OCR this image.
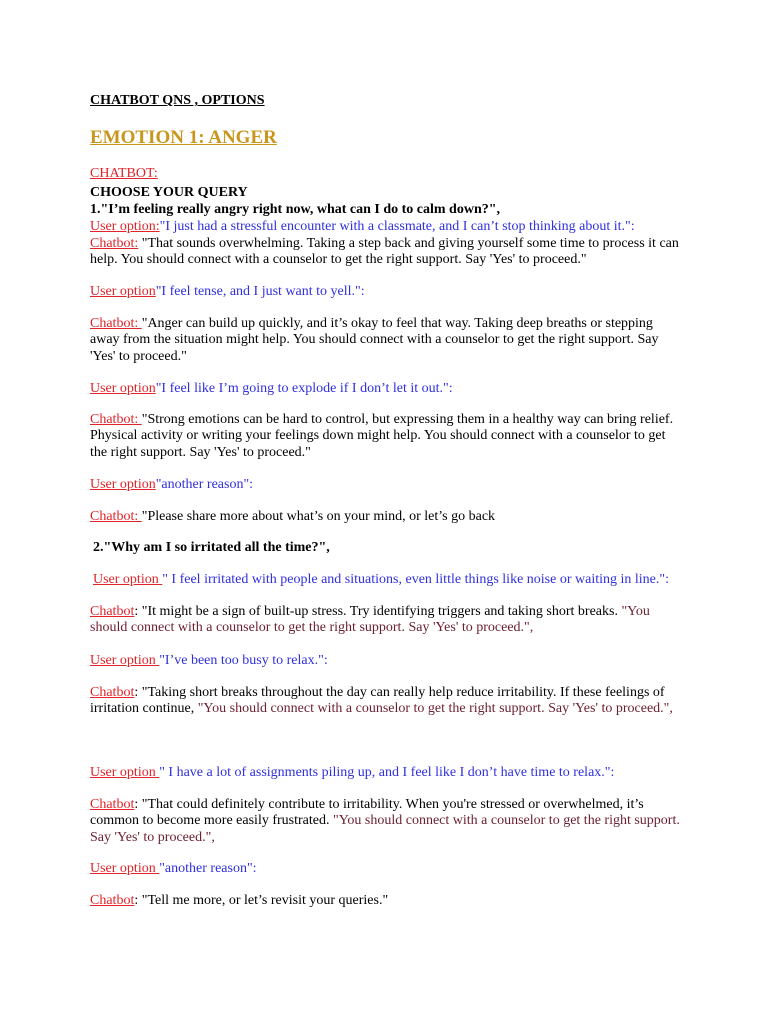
CHATBOT QNS , OPTIONS

EMOTION 1: ANGER

CHATBOT:

CHOOSE YOUR QUERY

1."I’m feeling really angry right now, what can I do to calm down?",

User option:"I just had a stressful encounter with a classmate, and I can’t stop thinking about it.":

Chatbot: "That sounds overwhelming. Taking a step back and giving yourself some time to process it can help. You should connect with a counselor to get the right support. Say 'Yes' to proceed."

User option"I feel tense, and I just want to yell.":

Chatbot: "Anger can build up quickly, and it’s okay to feel that way. Taking deep breaths or stepping away from the situation might help. You should connect with a counselor to get the right support. Say 'Yes' to proceed."

User option"I feel like I’m going to explode if I don’t let it out.":

Chatbot: "Strong emotions can be hard to control, but expressing them in a healthy way can bring relief. Physical activity or writing your feelings down might help. You should connect with a counselor to get the right support. Say 'Yes' to proceed."

User option"another reason":

Chatbot: "Please share more about what’s on your mind, or let’s go back

2."Why am I so irritated all the time?",

User option " I feel irritated with people and situations, even little things like noise or waiting in line.":

Chatbot: "It might be a sign of built-up stress. Try identifying triggers and taking short breaks. "You should connect with a counselor to get the right support. Say 'Yes' to proceed.",

User option "I’ve been too busy to relax.":

Chatbot: "Taking short breaks throughout the day can really help reduce irritability. If these feelings of irritation continue, "You should connect with a counselor to get the right support. Say 'Yes' to proceed.",

User option " I have a lot of assignments piling up, and I feel like I don’t have time to relax.":

Chatbot: "That could definitely contribute to irritability. When you're stressed or overwhelmed, it’s common to become more easily frustrated. "You should connect with a counselor to get the right support. Say 'Yes' to proceed.",

User option "another reason":

Chatbot: "Tell me more, or let’s revisit your queries."
